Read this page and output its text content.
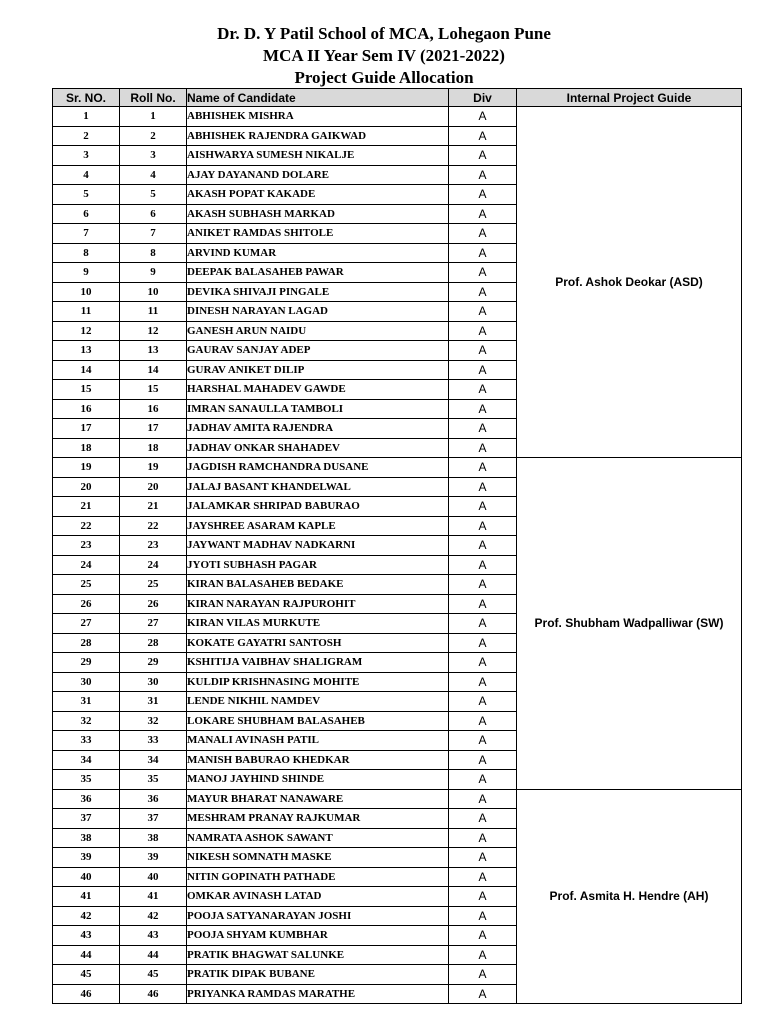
Dr. D. Y Patil School of MCA, Lohegaon Pune
MCA II Year Sem IV (2021-2022)
Project Guide Allocation
Sr. NO.	Roll No.	Name of Candidate	Div	Internal Project Guide
1	1	ABHISHEK MISHRA	A	Prof. Ashok Deokar (ASD)
2	2	ABHISHEK RAJENDRA GAIKWAD	A	
3	3	AISHWARYA SUMESH NIKALJE	A	
4	4	AJAY DAYANAND DOLARE	A	
5	5	AKASH POPAT KAKADE	A	
6	6	AKASH SUBHASH MARKAD	A	
7	7	ANIKET RAMDAS SHITOLE	A	
8	8	ARVIND KUMAR	A	
9	9	DEEPAK BALASAHEB PAWAR	A	
10	10	DEVIKA SHIVAJI PINGALE	A	
11	11	DINESH NARAYAN LAGAD	A	
12	12	GANESH ARUN NAIDU	A	
13	13	GAURAV SANJAY ADEP	A	
14	14	GURAV ANIKET DILIP	A	
15	15	HARSHAL MAHADEV GAWDE	A	
16	16	IMRAN SANAULLA TAMBOLI	A	
17	17	JADHAV AMITA RAJENDRA	A	
18	18	JADHAV ONKAR SHAHADEV	A	
19	19	JAGDISH RAMCHANDRA DUSANE	A	Prof. Shubham Wadpalliwar (SW)
20	20	JALAJ BASANT KHANDELWAL	A	
21	21	JALAMKAR SHRIPAD BABURAO	A	
22	22	JAYSHREE ASARAM KAPLE	A	
23	23	JAYWANT MADHAV NADKARNI	A	
24	24	JYOTI SUBHASH PAGAR	A	
25	25	KIRAN BALASAHEB BEDAKE	A	
26	26	KIRAN NARAYAN RAJPUROHIT	A	
27	27	KIRAN VILAS MURKUTE	A	
28	28	KOKATE GAYATRI SANTOSH	A	
29	29	KSHITIJA VAIBHAV SHALIGRAM	A	
30	30	KULDIP KRISHNASING MOHITE	A	
31	31	LENDE NIKHIL NAMDEV	A	
32	32	LOKARE SHUBHAM BALASAHEB	A	
33	33	MANALI AVINASH PATIL	A	
34	34	MANISH BABURAO KHEDKAR	A	
35	35	MANOJ JAYHIND SHINDE	A	
36	36	MAYUR BHARAT NANAWARE	A	Prof. Asmita H. Hendre (AH)
37	37	MESHRAM PRANAY RAJKUMAR	A	
38	38	NAMRATA ASHOK SAWANT	A	
39	39	NIKESH SOMNATH MASKE	A	
40	40	NITIN GOPINATH PATHADE	A	
41	41	OMKAR AVINASH LATAD	A	
42	42	POOJA SATYANARAYAN JOSHI	A	
43	43	POOJA SHYAM KUMBHAR	A	
44	44	PRATIK BHAGWAT SALUNKE	A	
45	45	PRATIK DIPAK BUBANE	A	
46	46	PRIYANKA RAMDAS MARATHE	A	
